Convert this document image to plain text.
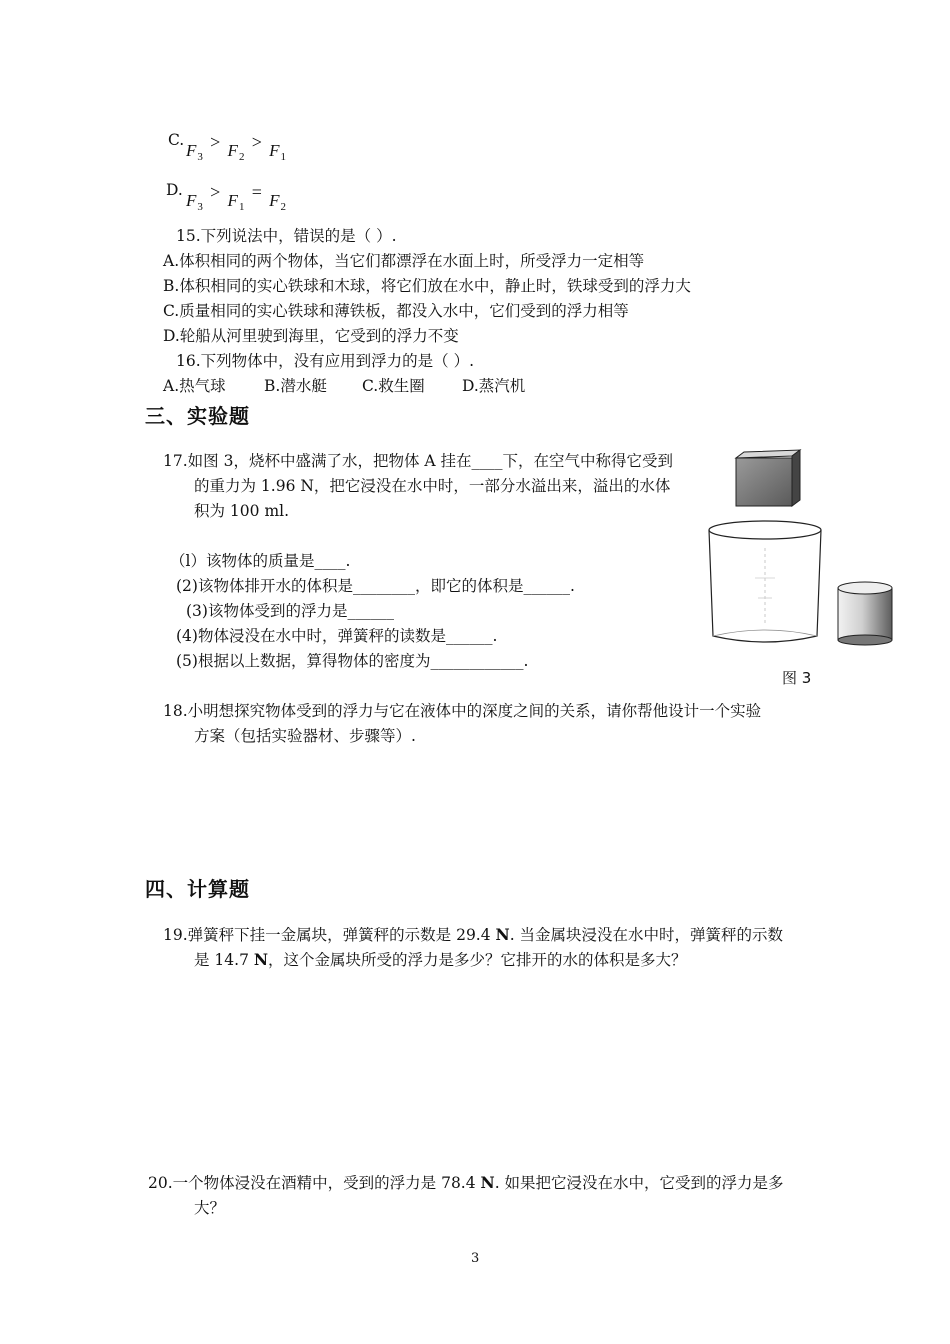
C.
$F_3 > F_2 > F_1$
D.
$F_3 > F_1 = F_2$
15.下列说法中，错误的是（ ）.
A.体积相同的两个物体，当它们都漂浮在水面上时，所受浮力一定相等
B.体积相同的实心铁球和木球，将它们放在水中，静止时，铁球受到的浮力大
C.质量相同的实心铁球和薄铁板，都没入水中，它们受到的浮力相等
D.轮船从河里驶到海里，它受到的浮力不变
16.下列物体中，没有应用到浮力的是（ ）.
A.热气球 B.潜水艇 C.救生圈 D.蒸汽机
三、实验题
17.如图 3，烧杯中盛满了水，把物体 A 挂在____下，在空气中称得它受到
的重力为 1.96 N，把它浸没在水中时，一部分水溢出来，溢出的水体
积为 100 ml.
（l）该物体的质量是____.
(2)该物体排开水的体积是________，即它的体积是______.
(3)该物体受到的浮力是______
(4)物体浸没在水中时，弹簧秤的读数是______.
(5)根据以上数据，算得物体的密度为____________.
图 3
18.小明想探究物体受到的浮力与它在液体中的深度之间的关系，请你帮他设计一个实验
方案（包括实验器材、步骤等）.
四、计算题
19.弹簧秤下挂一金属块，弹簧秤的示数是 29.4 N. 当金属块浸没在水中时，弹簧秤的示数
是 14.7 N，这个金属块所受的浮力是多少？它排开的水的体积是多大？
20.一个物体浸没在酒精中，受到的浮力是 78.4 N. 如果把它浸没在水中，它受到的浮力是多
大？
3
